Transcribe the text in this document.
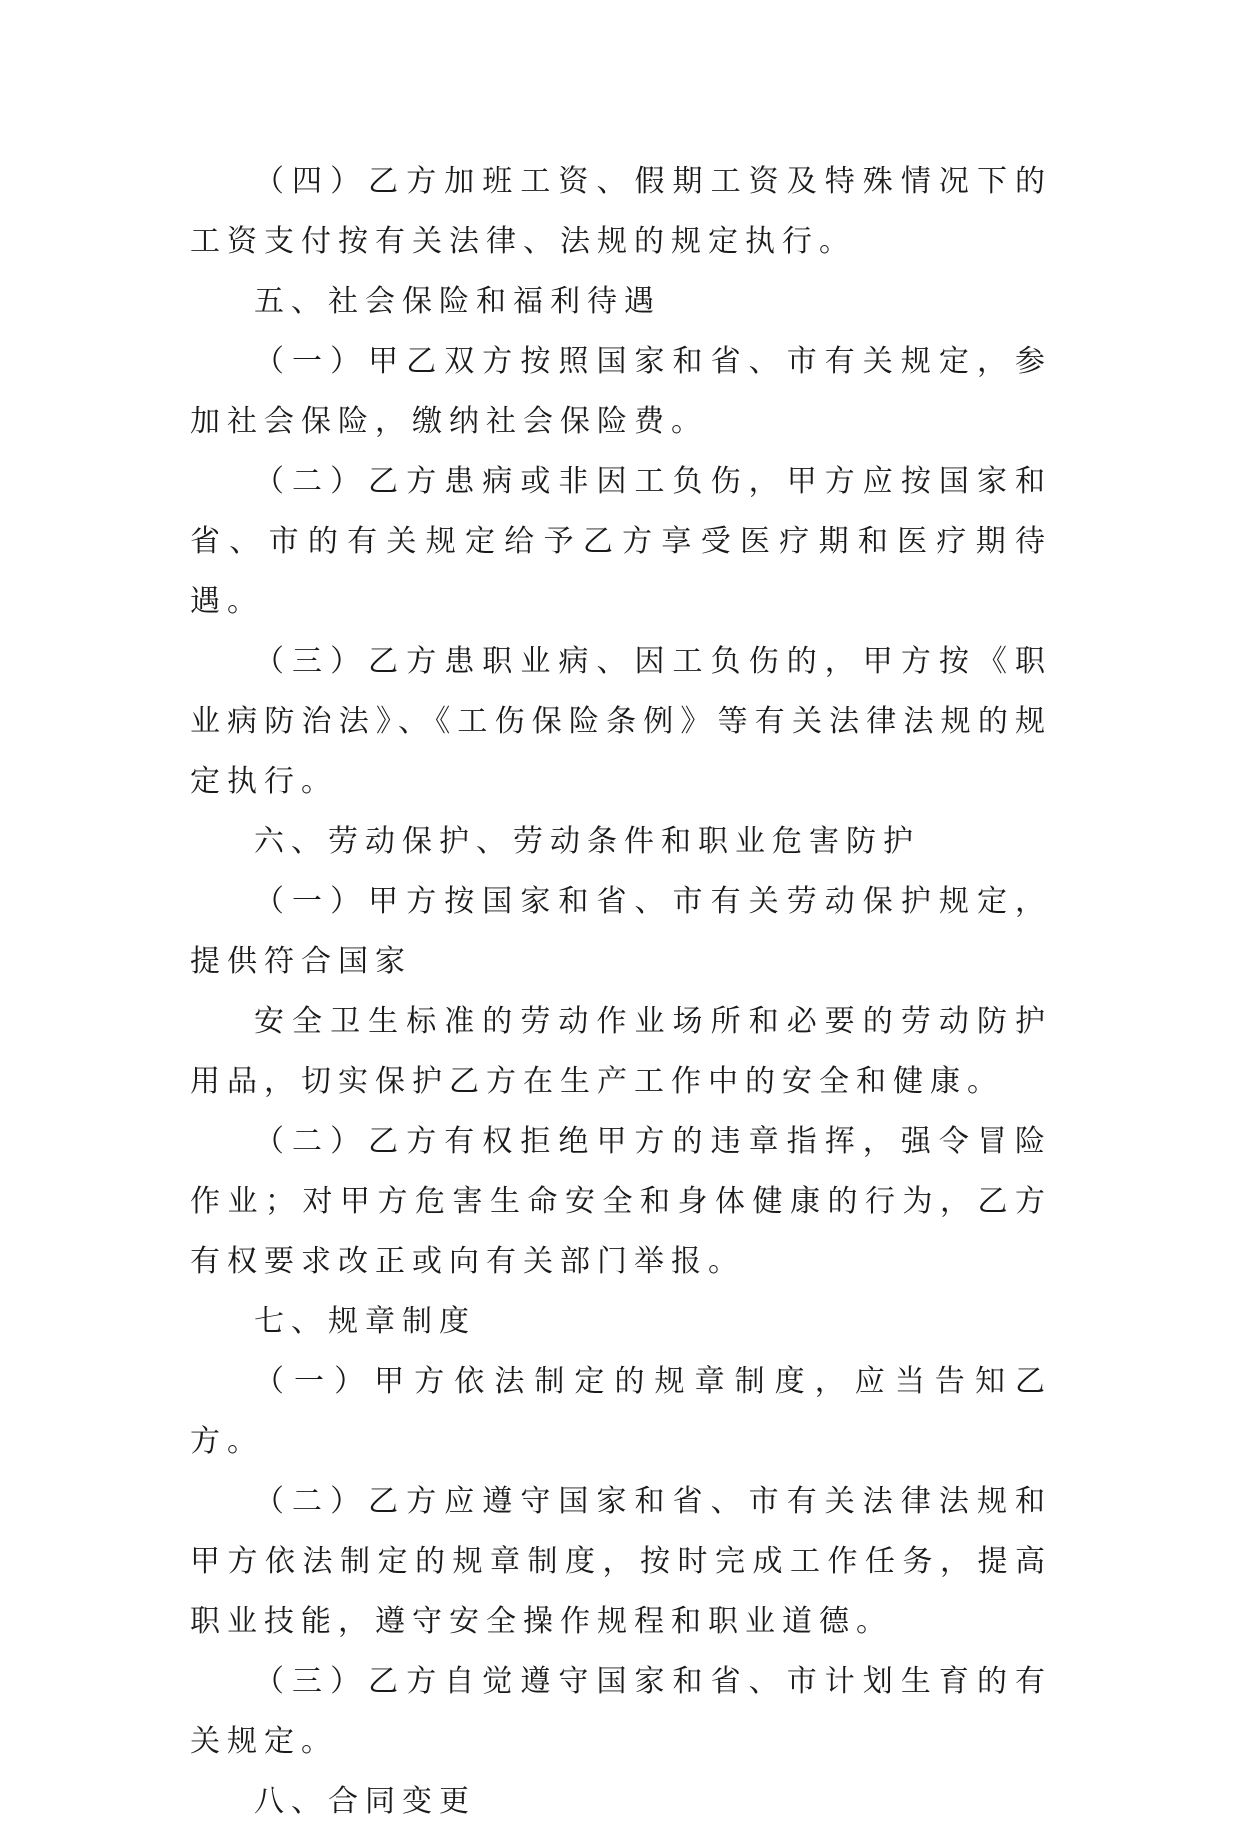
（四）乙方加班工资、假期工资及特殊情况下的工资支付按有关法律、法规的规定执行。

五、社会保险和福利待遇

（一）甲乙双方按照国家和省、市有关规定，参加社会保险，缴纳社会保险费。

（二）乙方患病或非因工负伤，甲方应按国家和省、市的有关规定给予乙方享受医疗期和医疗期待遇。

（三）乙方患职业病、因工负伤的，甲方按《职业病防治法》、《工伤保险条例》等有关法律法规的规定执行。

六、劳动保护、劳动条件和职业危害防护

（一）甲方按国家和省、市有关劳动保护规定，提供符合国家

安全卫生标准的劳动作业场所和必要的劳动防护用品，切实保护乙方在生产工作中的安全和健康。

（二）乙方有权拒绝甲方的违章指挥，强令冒险作业；对甲方危害生命安全和身体健康的行为，乙方有权要求改正或向有关部门举报。

七、规章制度

（一）甲方依法制定的规章制度，应当告知乙方。

（二）乙方应遵守国家和省、市有关法律法规和甲方依法制定的规章制度，按时完成工作任务，提高职业技能，遵守安全操作规程和职业道德。

（三）乙方自觉遵守国家和省、市计划生育的有关规定。

八、合同变更
